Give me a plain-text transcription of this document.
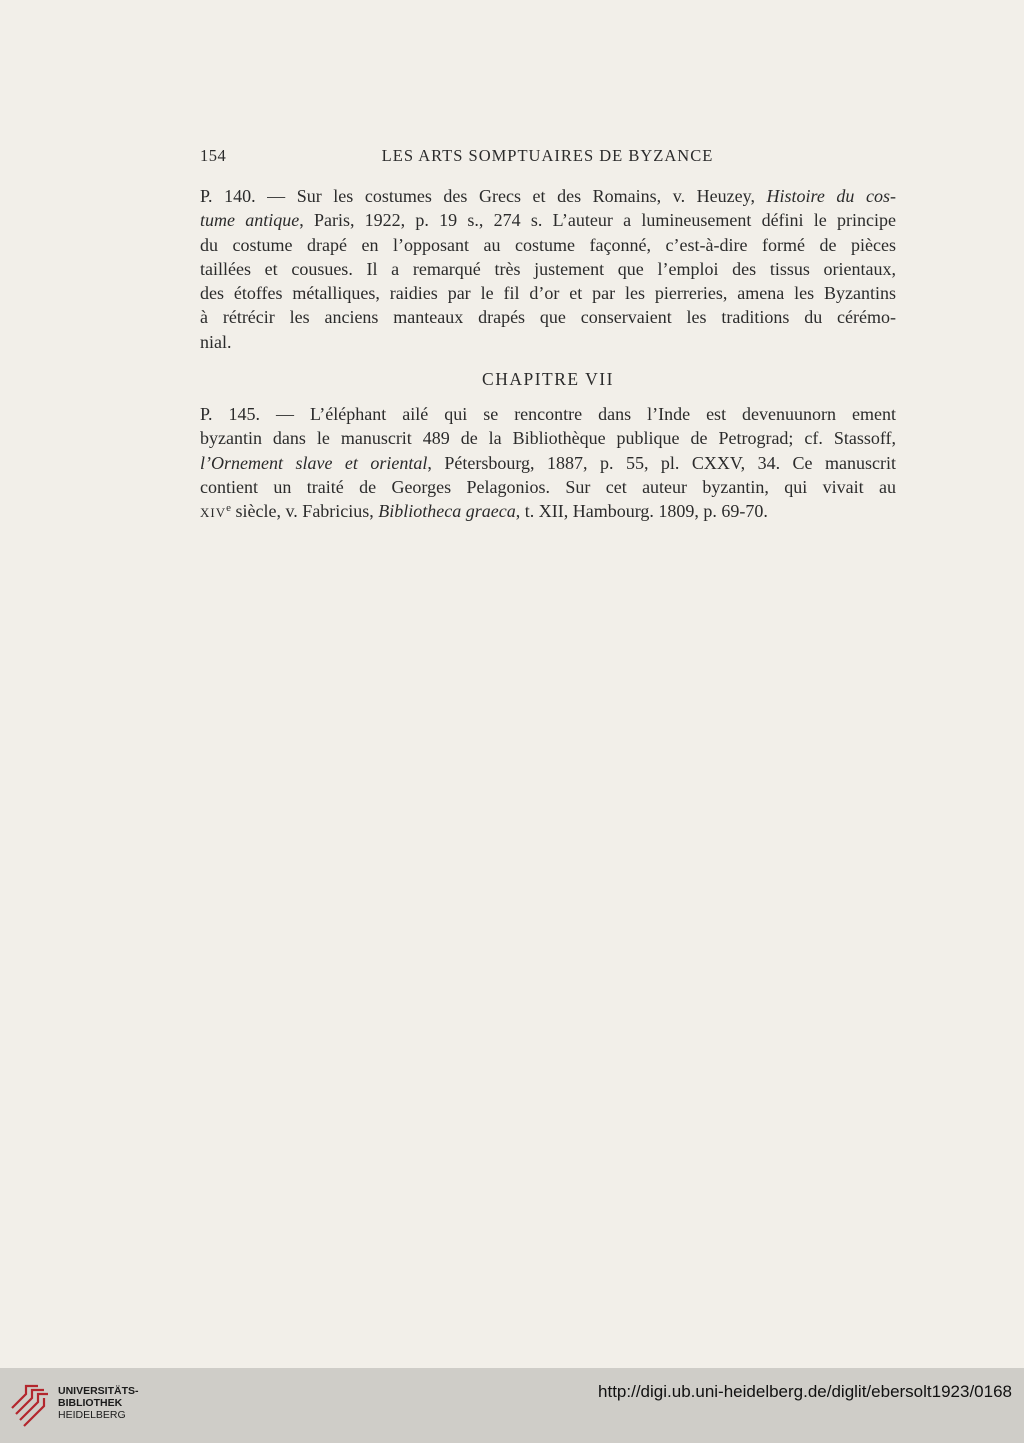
154	LES ARTS SOMPTUAIRES DE BYZANCE

P. 140. — Sur les costumes des Grecs et des Romains, v. Heuzey, Histoire du cos-
tume antique, Paris, 1922, p. 19 s., 274 s. L’auteur a lumineusement défini le principe
du costume drapé en l’opposant au costume façonné, c’est-à-dire formé de pièces
taillées et cousues. Il a remarqué très justement que l’emploi des tissus orientaux,
des étoffes métalliques, raidies par le fil d’or et par les pierreries, amena les Byzantins
à rétrécir les anciens manteaux drapés que conservaient les traditions du cérémo-
nial.

CHAPITRE VII

P. 145. — L’éléphant ailé qui se rencontre dans l’Inde est devenuunorn ement
byzantin dans le manuscrit 489 de la Bibliothèque publique de Petrograd; cf. Stassoff,
l’Ornement slave et oriental, Pétersbourg, 1887, p. 55, pl. CXXV, 34. Ce manuscrit
contient un traité de Georges Pelagonios. Sur cet auteur byzantin, qui vivait au
XIVe siècle, v. Fabricius, Bibliotheca graeca, t. XII, Hambourg. 1809, p. 69-70.

UNIVERSITÄTS-
BIBLIOTHEK
HEIDELBERG
http://digi.ub.uni-heidelberg.de/diglit/ebersolt1923/0168
